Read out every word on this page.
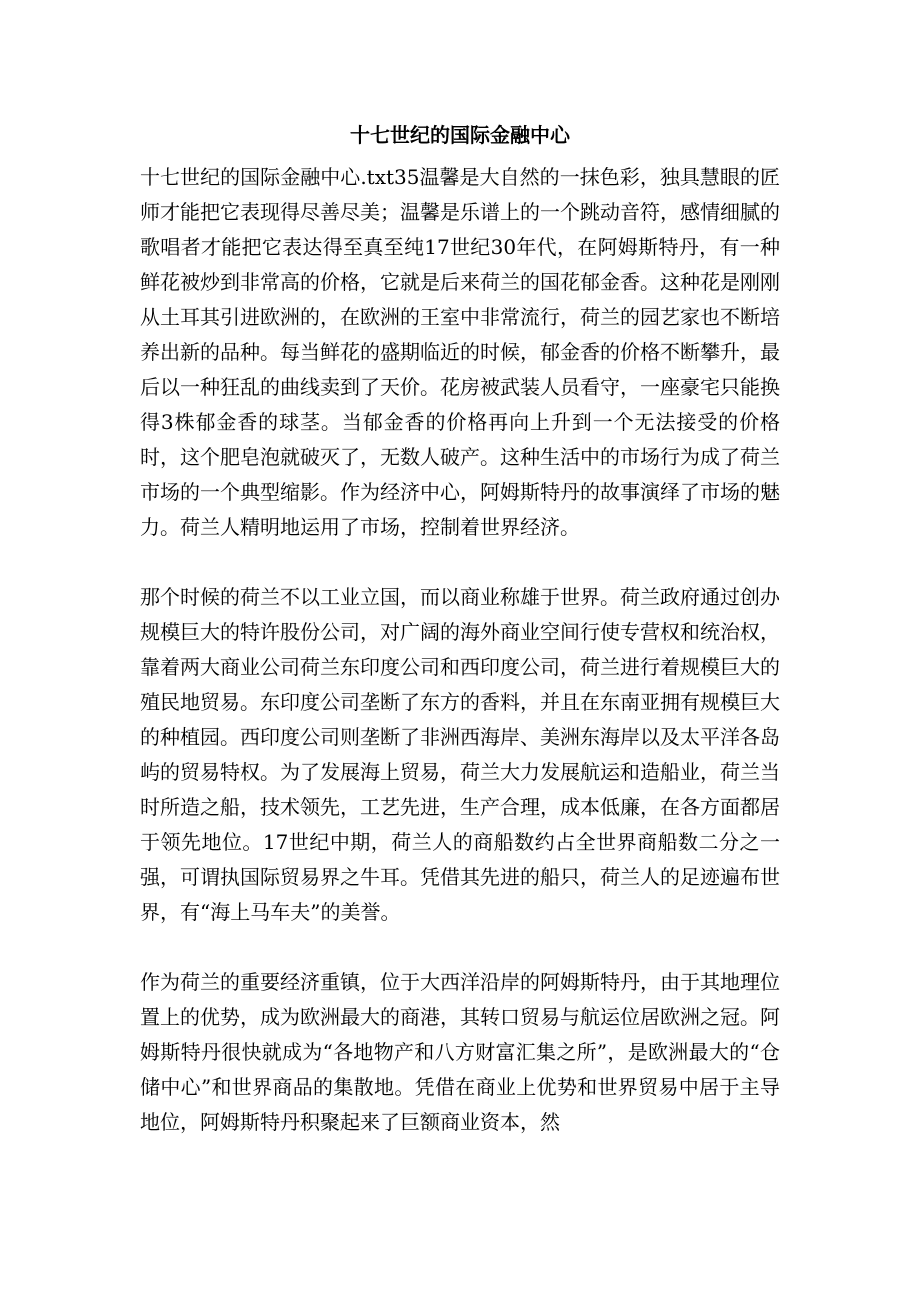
十七世纪的国际金融中心

十七世纪的国际金融中心.txt35温馨是大自然的一抹色彩，独具慧眼的匠师才能把它表现得尽善尽美；温馨是乐谱上的一个跳动音符，感情细腻的歌唱者才能把它表达得至真至纯17世纪30年代，在阿姆斯特丹，有一种鲜花被炒到非常高的价格，它就是后来荷兰的国花郁金香。这种花是刚刚从土耳其引进欧洲的，在欧洲的王室中非常流行，荷兰的园艺家也不断培养出新的品种。每当鲜花的盛期临近的时候，郁金香的价格不断攀升，最后以一种狂乱的曲线卖到了天价。花房被武装人员看守，一座豪宅只能换得3株郁金香的球茎。当郁金香的价格再向上升到一个无法接受的价格时，这个肥皂泡就破灭了，无数人破产。这种生活中的市场行为成了荷兰市场的一个典型缩影。作为经济中心，阿姆斯特丹的故事演绎了市场的魅力。荷兰人精明地运用了市场，控制着世界经济。

那个时候的荷兰不以工业立国，而以商业称雄于世界。荷兰政府通过创办规模巨大的特许股份公司，对广阔的海外商业空间行使专营权和统治权，靠着两大商业公司荷兰东印度公司和西印度公司，荷兰进行着规模巨大的殖民地贸易。东印度公司垄断了东方的香料，并且在东南亚拥有规模巨大的种植园。西印度公司则垄断了非洲西海岸、美洲东海岸以及太平洋各岛屿的贸易特权。为了发展海上贸易，荷兰大力发展航运和造船业，荷兰当时所造之船，技术领先，工艺先进，生产合理，成本低廉，在各方面都居于领先地位。17世纪中期，荷兰人的商船数约占全世界商船数二分之一强，可谓执国际贸易界之牛耳。凭借其先进的船只，荷兰人的足迹遍布世界，有“海上马车夫”的美誉。

作为荷兰的重要经济重镇，位于大西洋沿岸的阿姆斯特丹，由于其地理位置上的优势，成为欧洲最大的商港，其转口贸易与航运位居欧洲之冠。阿姆斯特丹很快就成为“各地物产和八方财富汇集之所”，是欧洲最大的“仓储中心”和世界商品的集散地。凭借在商业上优势和世界贸易中居于主导地位，阿姆斯特丹积聚起来了巨额商业资本，然
